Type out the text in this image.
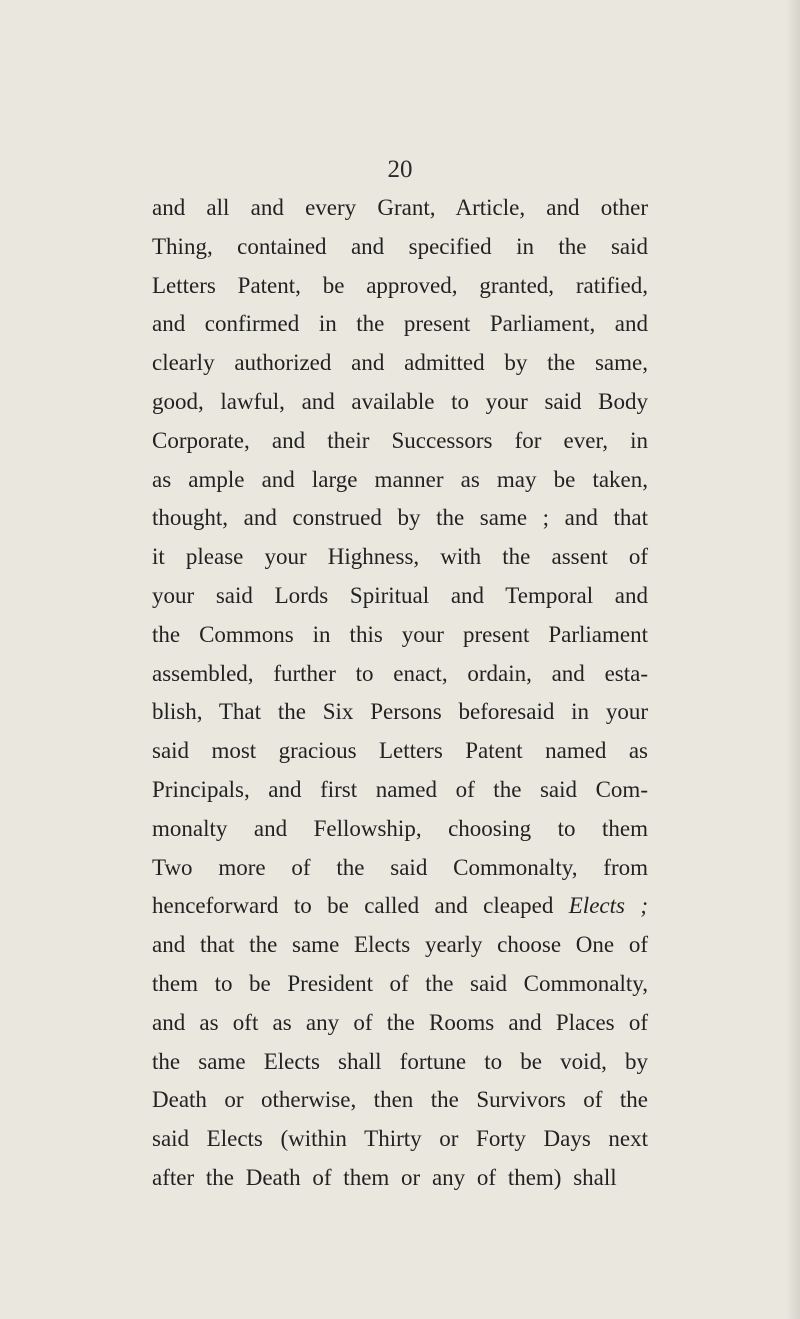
20
and all and every Grant, Article, and other
Thing, contained and specified in the said
Letters Patent, be approved, granted, ratified,
and confirmed in the present Parliament, and
clearly authorized and admitted by the same,
good, lawful, and available to your said Body
Corporate, and their Successors for ever, in
as ample and large manner as may be taken,
thought, and construed by the same ; and that
it please your Highness, with the assent of
your said Lords Spiritual and Temporal and
the Commons in this your present Parliament
assembled, further to enact, ordain, and esta-
blish, That the Six Persons beforesaid in your
said most gracious Letters Patent named as
Principals, and first named of the said Com-
monalty and Fellowship, choosing to them
Two more of the said Commonalty, from
henceforward to be called and cleaped Elects ;
and that the same Elects yearly choose One of
them to be President of the said Commonalty,
and as oft as any of the Rooms and Places of
the same Elects shall fortune to be void, by
Death or otherwise, then the Survivors of the
said Elects (within Thirty or Forty Days next
after the Death of them or any of them) shall
